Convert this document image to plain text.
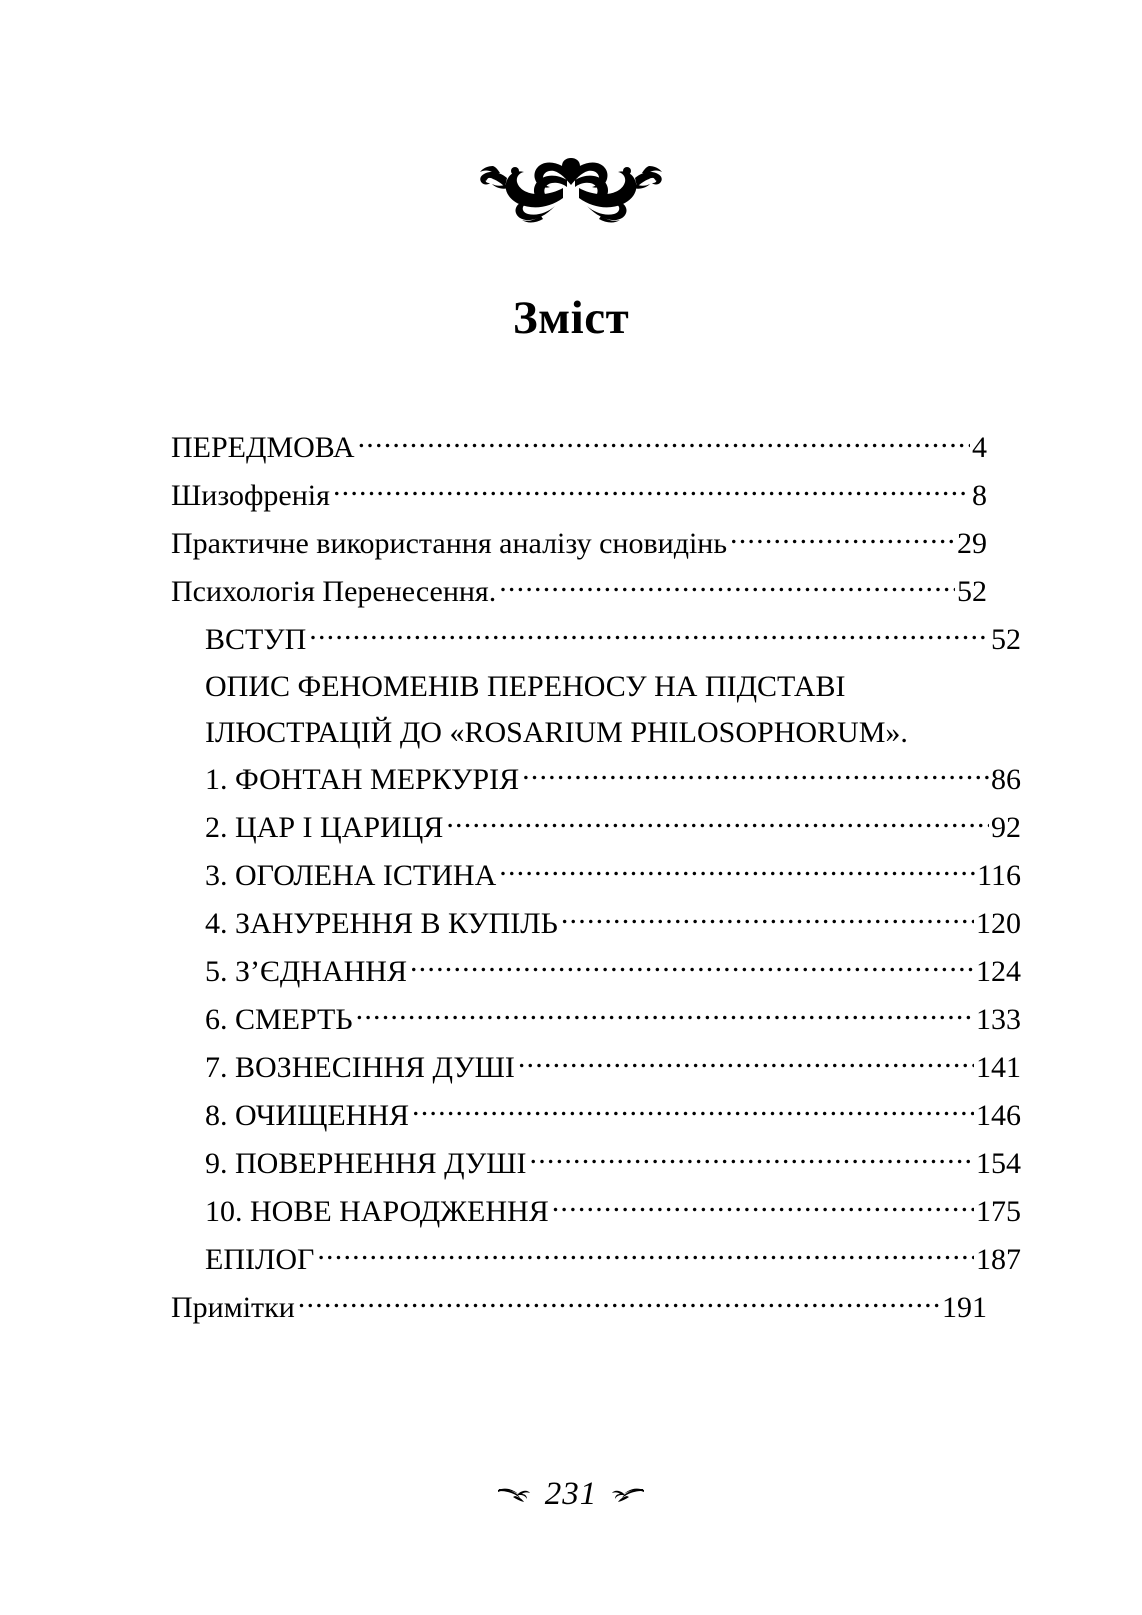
Зміст
ПЕРЕДМОВА .....	4
Шизофренія .....	8
Практичне використання аналізу сновидінь .....	29
Психологія Перенесення. .....	52
ВСТУП .....	52
ОПИС ФЕНОМЕНІВ ПЕРЕНОСУ НА ПІДСТАВІ ІЛЮСТРАЦІЙ ДО «ROSARIUM PHILOSOPHORUM».
1. ФОНТАН МЕРКУРІЯ .....	86
2. ЦАР І ЦАРИЦЯ .....	92
3. ОГОЛЕНА ІСТИНА .....	116
4. ЗАНУРЕННЯ В КУПІЛЬ .....	120
5. З’ЄДНАННЯ .....	124
6. СМЕРТЬ .....	133
7. ВОЗНЕСІННЯ ДУШІ .....	141
8. ОЧИЩЕННЯ .....	146
9. ПОВЕРНЕННЯ ДУШІ .....	154
10. НОВЕ НАРОДЖЕННЯ .....	175
ЕПІЛОГ .....	187
Примітки .....	191
231
